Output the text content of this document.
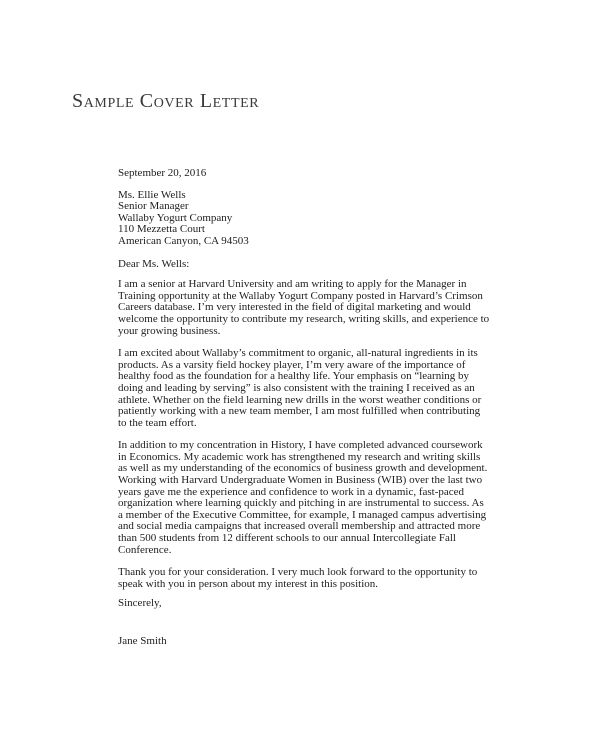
Sample Cover Letter

September 20, 2016

Ms. Ellie Wells
Senior Manager
Wallaby Yogurt Company
110 Mezzetta Court
American Canyon, CA 94503

Dear Ms. Wells:

I am a senior at Harvard University and am writing to apply for the Manager in Training opportunity at the Wallaby Yogurt Company posted in Harvard’s Crimson Careers database. I’m very interested in the field of digital marketing and would welcome the opportunity to contribute my research, writing skills, and experience to your growing business.

I am excited about Wallaby’s commitment to organic, all-natural ingredients in its products. As a varsity field hockey player, I’m very aware of the importance of healthy food as the foundation for a healthy life. Your emphasis on “learning by doing and leading by serving” is also consistent with the training I received as an athlete. Whether on the field learning new drills in the worst weather conditions or patiently working with a new team member, I am most fulfilled when contributing to the team effort.

In addition to my concentration in History, I have completed advanced coursework in Economics. My academic work has strengthened my research and writing skills as well as my understanding of the economics of business growth and development. Working with Harvard Undergraduate Women in Business (WIB) over the last two years gave me the experience and confidence to work in a dynamic, fast-paced organization where learning quickly and pitching in are instrumental to success. As a member of the Executive Committee, for example, I managed campus advertising and social media campaigns that increased overall membership and attracted more than 500 students from 12 different schools to our annual Intercollegiate Fall Conference.

Thank you for your consideration. I very much look forward to the opportunity to speak with you in person about my interest in this position.

Sincerely,

Jane Smith
